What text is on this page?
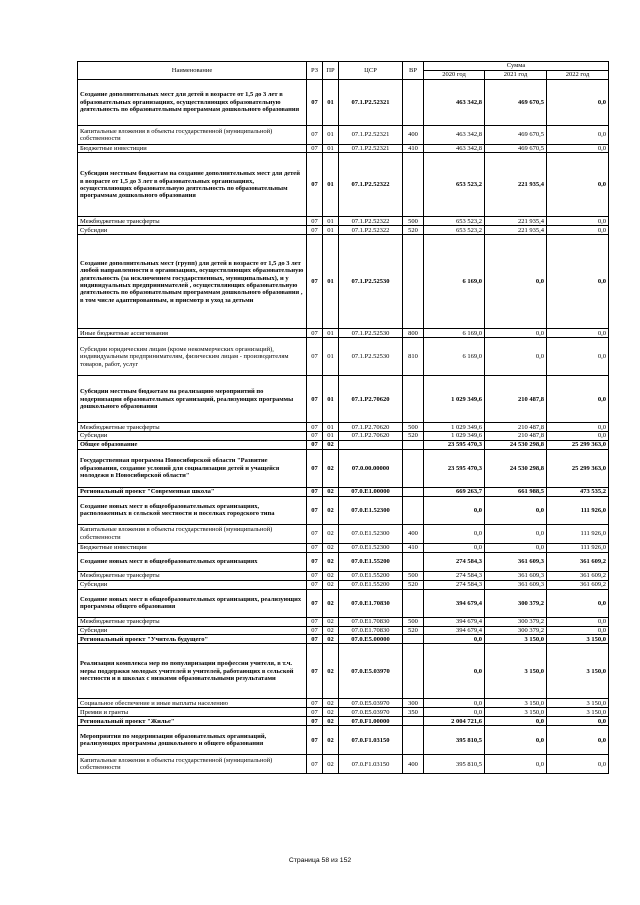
Наименование	РЗ	ПР	ЦСР	ВР	Сумма		
					2020 год	2021 год	2022 год
Создание дополнительных мест для детей в возрасте от 1,5 до 3 лет в образовательных организациях, осуществляющих образовательную деятельность по образовательным программам дошкольного образования	07	01	07.1.P2.52321		463 342,8	469 670,5	0,0
Капитальные вложения в объекты государственной (муниципальной) собственности	07	01	07.1.P2.52321	400	463 342,8	469 670,5	0,0
Бюджетные инвестиции	07	01	07.1.P2.52321	410	463 342,8	469 670,5	0,0
Субсидии местным бюджетам на создание дополнительных мест для детей в возрасте от 1,5 до 3 лет в образовательных организациях, осуществляющих образовательную деятельность по образовательным программам дошкольного образования	07	01	07.1.P2.52322		653 523,2	221 935,4	0,0
Межбюджетные трансферты	07	01	07.1.P2.52322	500	653 523,2	221 935,4	0,0
Субсидии	07	01	07.1.P2.52322	520	653 523,2	221 935,4	0,0
Создание дополнительных мест (групп) для детей в возрасте от 1,5 до 3 лет любой направленности в организациях, осуществляющих образовательную деятельность (за исключением государственных, муниципальных), и у индивидуальных предпринимателей , осуществляющих образовательную деятельность по образовательным программам дошкольного образования , в том числе адаптированным, и присмотр и уход за детьми	07	01	07.1.P2.52530		6 169,0	0,0	0,0
Иные бюджетные ассигнования	07	01	07.1.P2.52530	800	6 169,0	0,0	0,0
Субсидии юридическим лицам (кроме некоммерческих организаций), индивидуальным предпринимателям, физическим лицам - производителям товаров, работ, услуг	07	01	07.1.P2.52530	810	6 169,0	0,0	0,0
Субсидии местным бюджетам на реализацию мероприятий по модернизации образовательных организаций, реализующих программы дошкольного образования	07	01	07.1.P2.70620		1 029 349,6	210 487,8	0,0
Межбюджетные трансферты	07	01	07.1.P2.70620	500	1 029 349,6	210 487,8	0,0
Субсидии	07	01	07.1.P2.70620	520	1 029 349,6	210 487,8	0,0
Общее образование	07	02			23 595 470,3	24 530 298,8	25 299 363,0
Государственная программа Новосибирской области "Развитие образования, создание условий для социализации детей и учащейся молодежи в Новосибирской области"	07	02	07.0.00.00000		23 595 470,3	24 530 298,8	25 299 363,0
Региональный проект "Современная школа"	07	02	07.0.E1.00000		669 263,7	661 988,5	473 535,2
Создание новых мест в общеобразовательных организациях, расположенных в сельской местности и поселках городского типа	07	02	07.0.E1.52300		0,0	0,0	111 926,0
Капитальные вложения в объекты государственной (муниципальной) собственности	07	02	07.0.E1.52300	400	0,0	0,0	111 926,0
Бюджетные инвестиции	07	02	07.0.E1.52300	410	0,0	0,0	111 926,0
Создание новых мест в общеобразовательных организациях	07	02	07.0.E1.55200		274 584,3	361 609,3	361 609,2
Межбюджетные трансферты	07	02	07.0.E1.55200	500	274 584,3	361 609,3	361 609,2
Субсидии	07	02	07.0.E1.55200	520	274 584,3	361 609,3	361 609,2
Создание новых мест в общеобразовательных организациях, реализующих программы общего образования	07	02	07.0.E1.70830		394 679,4	300 379,2	0,0
Межбюджетные трансферты	07	02	07.0.E1.70830	500	394 679,4	300 379,2	0,0
Субсидии	07	02	07.0.E1.70830	520	394 679,4	300 379,2	0,0
Региональный проект "Учитель будущего"	07	02	07.0.E5.00000		0,0	3 150,0	3 150,0
Реализация комплекса мер по популяризации профессии учителя, в т.ч. меры поддержки молодых учителей и учителей, работающих в сельской местности и в школах с низкими образовательными результатами	07	02	07.0.E5.03970		0,0	3 150,0	3 150,0
Социальное обеспечение и иные выплаты населению	07	02	07.0.E5.03970	300	0,0	3 150,0	3 150,0
Премии и гранты	07	02	07.0.E5.03970	350	0,0	3 150,0	3 150,0
Региональный проект "Жилье"	07	02	07.0.F1.00000		2 004 721,6	0,0	0,0
Мероприятия по модернизации образовательных организаций, реализующих программы дошкольного и общего образования	07	02	07.0.F1.03150		395 810,5	0,0	0,0
Капитальные вложения в объекты государственной (муниципальной) собственности	07	02	07.0.F1.03150	400	395 810,5	0,0	0,0
Страница 58 из 152
